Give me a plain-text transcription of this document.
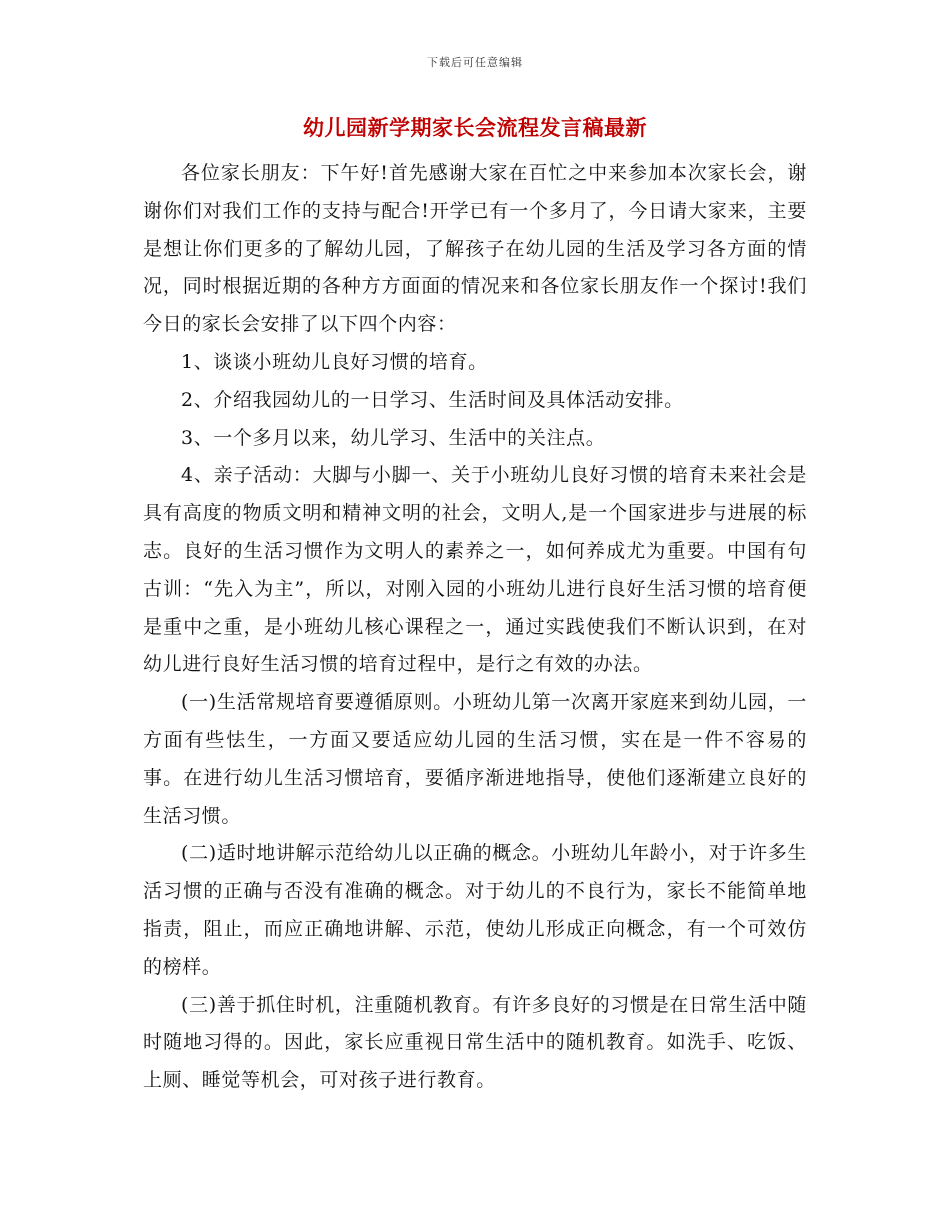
下载后可任意编辑
幼儿园新学期家长会流程发言稿最新

各位家长朋友：下午好!首先感谢大家在百忙之中来参加本次家长会，谢谢你们对我们工作的支持与配合!开学已有一个多月了，今日请大家来，主要是想让你们更多的了解幼儿园，了解孩子在幼儿园的生活及学习各方面的情况，同时根据近期的各种方方面面的情况来和各位家长朋友作一个探讨!我们今日的家长会安排了以下四个内容：

1、谈谈小班幼儿良好习惯的培育。

2、介绍我园幼儿的一日学习、生活时间及具体活动安排。

3、一个多月以来，幼儿学习、生活中的关注点。

4、亲子活动：大脚与小脚一、关于小班幼儿良好习惯的培育未来社会是具有高度的物质文明和精神文明的社会，文明人,是一个国家进步与进展的标志。良好的生活习惯作为文明人的素养之一，如何养成尤为重要。中国有句古训：“先入为主”，所以，对刚入园的小班幼儿进行良好生活习惯的培育便是重中之重，是小班幼儿核心课程之一，通过实践使我们不断认识到，在对幼儿进行良好生活习惯的培育过程中，是行之有效的办法。

(一)生活常规培育要遵循原则。小班幼儿第一次离开家庭来到幼儿园，一方面有些怯生，一方面又要适应幼儿园的生活习惯，实在是一件不容易的事。在进行幼儿生活习惯培育，要循序渐进地指导，使他们逐渐建立良好的生活习惯。

(二)适时地讲解示范给幼儿以正确的概念。小班幼儿年龄小，对于许多生活习惯的正确与否没有准确的概念。对于幼儿的不良行为，家长不能简单地指责，阻止，而应正确地讲解、示范，使幼儿形成正向概念，有一个可效仿的榜样。

(三)善于抓住时机，注重随机教育。有许多良好的习惯是在日常生活中随时随地习得的。因此，家长应重视日常生活中的随机教育。如洗手、吃饭、上厕、睡觉等机会，可对孩子进行教育。
